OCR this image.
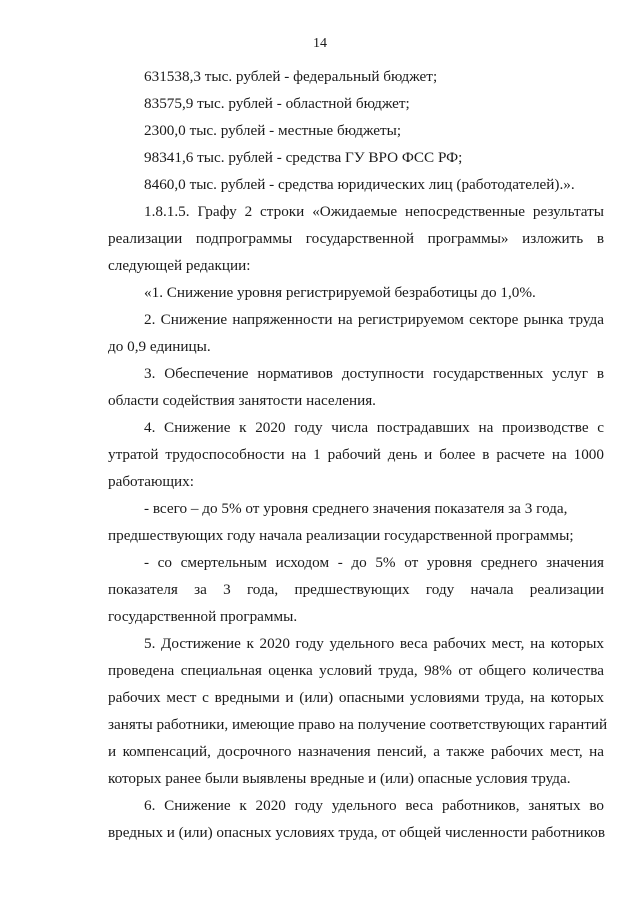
14
631538,3 тыс. рублей - федеральный бюджет;
83575,9 тыс. рублей - областной бюджет;
2300,0 тыс. рублей - местные бюджеты;
98341,6 тыс. рублей - средства ГУ ВРО ФСС РФ;
8460,0 тыс. рублей - средства юридических лиц (работодателей).».
1.8.1.5. Графу 2 строки «Ожидаемые непосредственные результаты
реализации подпрограммы государственной программы» изложить в
следующей редакции:
«1. Снижение уровня регистрируемой безработицы до 1,0%.
2. Снижение напряженности на регистрируемом секторе рынка труда
до 0,9 единицы.
3. Обеспечение нормативов доступности государственных услуг в
области содействия занятости населения.
4. Снижение к 2020 году числа пострадавших на производстве с
утратой трудоспособности на 1 рабочий день и более в расчете на 1000
работающих:
- всего – до 5% от уровня среднего значения показателя за 3 года,
предшествующих году начала реализации государственной программы;
- со смертельным исходом - до 5% от уровня среднего значения
показателя за 3 года, предшествующих году начала реализации
государственной программы.
5. Достижение к 2020 году удельного веса рабочих мест, на которых
проведена специальная оценка условий труда, 98% от общего количества
рабочих мест с вредными и (или) опасными условиями труда, на которых
заняты работники, имеющие право на получение соответствующих гарантий
и компенсаций, досрочного назначения пенсий, а также рабочих мест, на
которых ранее были выявлены вредные и (или) опасные условия труда.
6. Снижение к 2020 году удельного веса работников, занятых во
вредных и (или) опасных условиях труда, от общей численности работников
